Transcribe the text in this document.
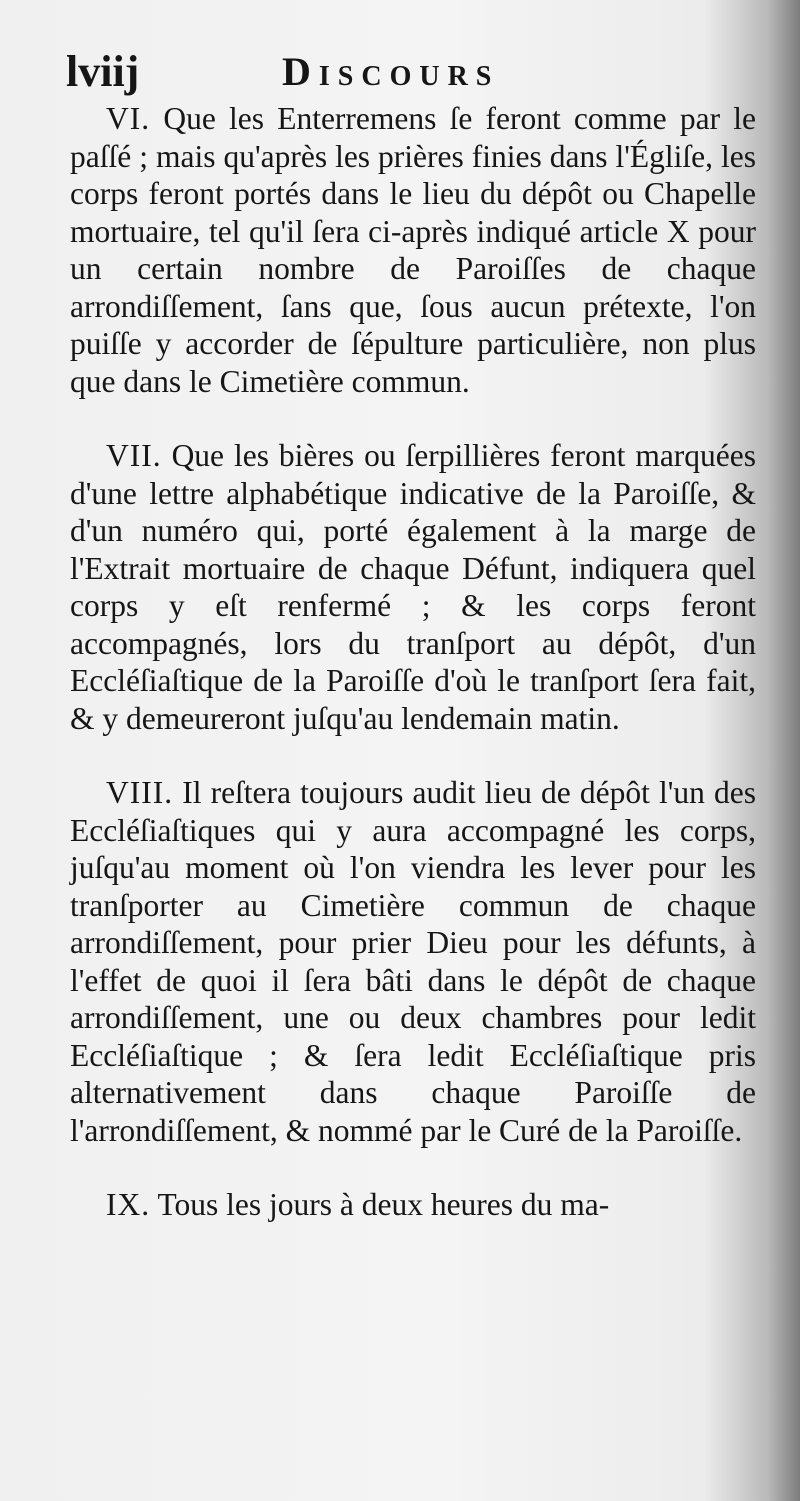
lviij	Discours

VI. Que les Enterremens ſe feront comme par le paſſé ; mais qu'après les prières finies dans l'Égliſe, les corps feront portés dans le lieu du dépôt ou Chapelle mortuaire, tel qu'il ſera ci-après indiqué article X pour un certain nombre de Paroiſſes de chaque arrondiſſement, ſans que, ſous aucun prétexte, l'on puiſſe y accorder de ſépulture particulière, non plus que dans le Cimetière commun.

VII. Que les bières ou ſerpillières feront marquées d'une lettre alphabétique indicative de la Paroiſſe, & d'un numéro qui, porté également à la marge de l'Extrait mortuaire de chaque Défunt, indiquera quel corps y eſt renfermé ; & les corps feront accompagnés, lors du tranſport au dépôt, d'un Eccléſiaſtique de la Paroiſſe d'où le tranſport ſera fait, & y demeureront juſqu'au lendemain matin.

VIII. Il reſtera toujours audit lieu de dépôt l'un des Eccléſiaſtiques qui y aura accompagné les corps, juſqu'au moment où l'on viendra les lever pour les tranſporter au Cimetière commun de chaque arrondiſſement, pour prier Dieu pour les défunts, à l'effet de quoi il ſera bâti dans le dépôt de chaque arrondiſſement, une ou deux chambres pour ledit Eccléſiaſtique ; & ſera ledit Eccléſiaſtique pris alternativement dans chaque Paroiſſe de l'arrondiſſement, & nommé par le Curé de la Paroiſſe.

IX. Tous les jours à deux heures du ma-
